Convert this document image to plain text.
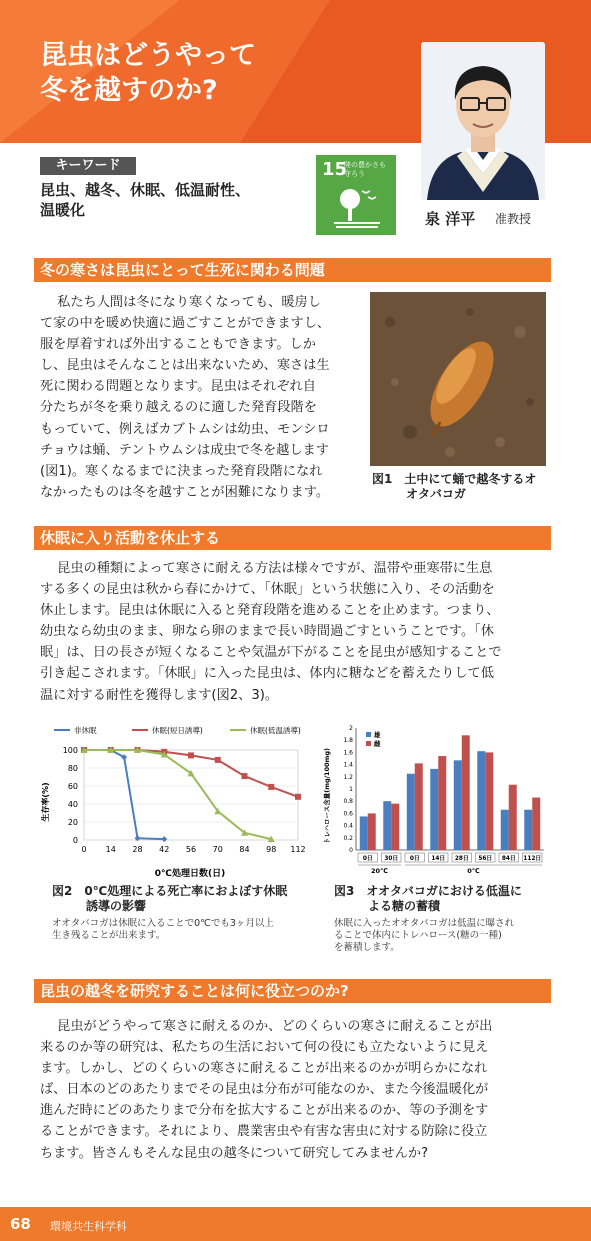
昆虫はどうやって
冬を越すのか?
キーワード
昆虫、越冬、休眠、低温耐性、
温暖化
15
陸の豊かさも守ろう
泉 洋平 准教授
冬の寒さは昆虫にとって生死に関わる問題
私たち人間は冬になり寒くなっても、暖房し
て家の中を暖め快適に過ごすことができますし、
服を厚着すれば外出することもできます。しか
し、昆虫はそんなことは出来ないため、寒さは生
死に関わる問題となります。昆虫はそれぞれ自
分たちが冬を乗り越えるのに適した発育段階を
もっていて、例えばカブトムシは幼虫、モンシロ
チョウは蛹、テントウムシは成虫で冬を越します
(図1)。寒くなるまでに決まった発育段階になれ
なかったものは冬を越すことが困難になります。
図1　土中にて蛹で越冬するオ
オタバコガ
休眠に入り活動を休止する
昆虫の種類によって寒さに耐える方法は様々ですが、温帯や亜寒帯に生息
する多くの昆虫は秋から春にかけて、「休眠」という状態に入り、その活動を
休止します。昆虫は休眠に入ると発育段階を進めることを止めます。つまり、
幼虫なら幼虫のまま、卵なら卵のままで長い時間過ごすということです。「休
眠」は、日の長さが短くなることや気温が下がることを昆虫が感知することで
引き起こされます。「休眠」に入った昆虫は、体内に糖などを蓄えたりして低
温に対する耐性を獲得します(図2、3)。
非休眠	休眠(短日誘導)	休眠(低温誘導)
0
20
40
60
80
100
0 14 28 42 56 70 84 98 112
生存率(%)
0℃処理日数(日)
雄
雌
0
0.2
0.4
0.6
0.8
1
1.2
1.4
1.6
1.8
2
0日 30日 0日 14日 28日 56日 84日 112日
20℃	0℃
トレハロース含量(mg/100mg)
図2　0℃処理による死亡率におよぼす休眠
誘導の影響
オオタバコガは休眠に入ることで0℃でも3ヶ月以上
生き残ることが出来ます。
図3　オオタバコガにおける低温に
よる糖の蓄積
休眠に入ったオオタバコガは低温に曝され
ることで体内にトレハロース(糖の一種)
を蓄積します。
昆虫の越冬を研究することは何に役立つのか?
昆虫がどうやって寒さに耐えるのか、どのくらいの寒さに耐えることが出
来るのか等の研究は、私たちの生活において何の役にも立たないように見え
ます。しかし、どのくらいの寒さに耐えることが出来るのかが明らかになれ
ば、日本のどのあたりまでその昆虫は分布が可能なのか、また今後温暖化が
進んだ時にどのあたりまで分布を拡大することが出来るのか、等の予測をす
ることができます。それにより、農業害虫や有害な害虫に対する防除に役立
ちます。皆さんもそんな昆虫の越冬について研究してみませんか?
68 環境共生科学科
